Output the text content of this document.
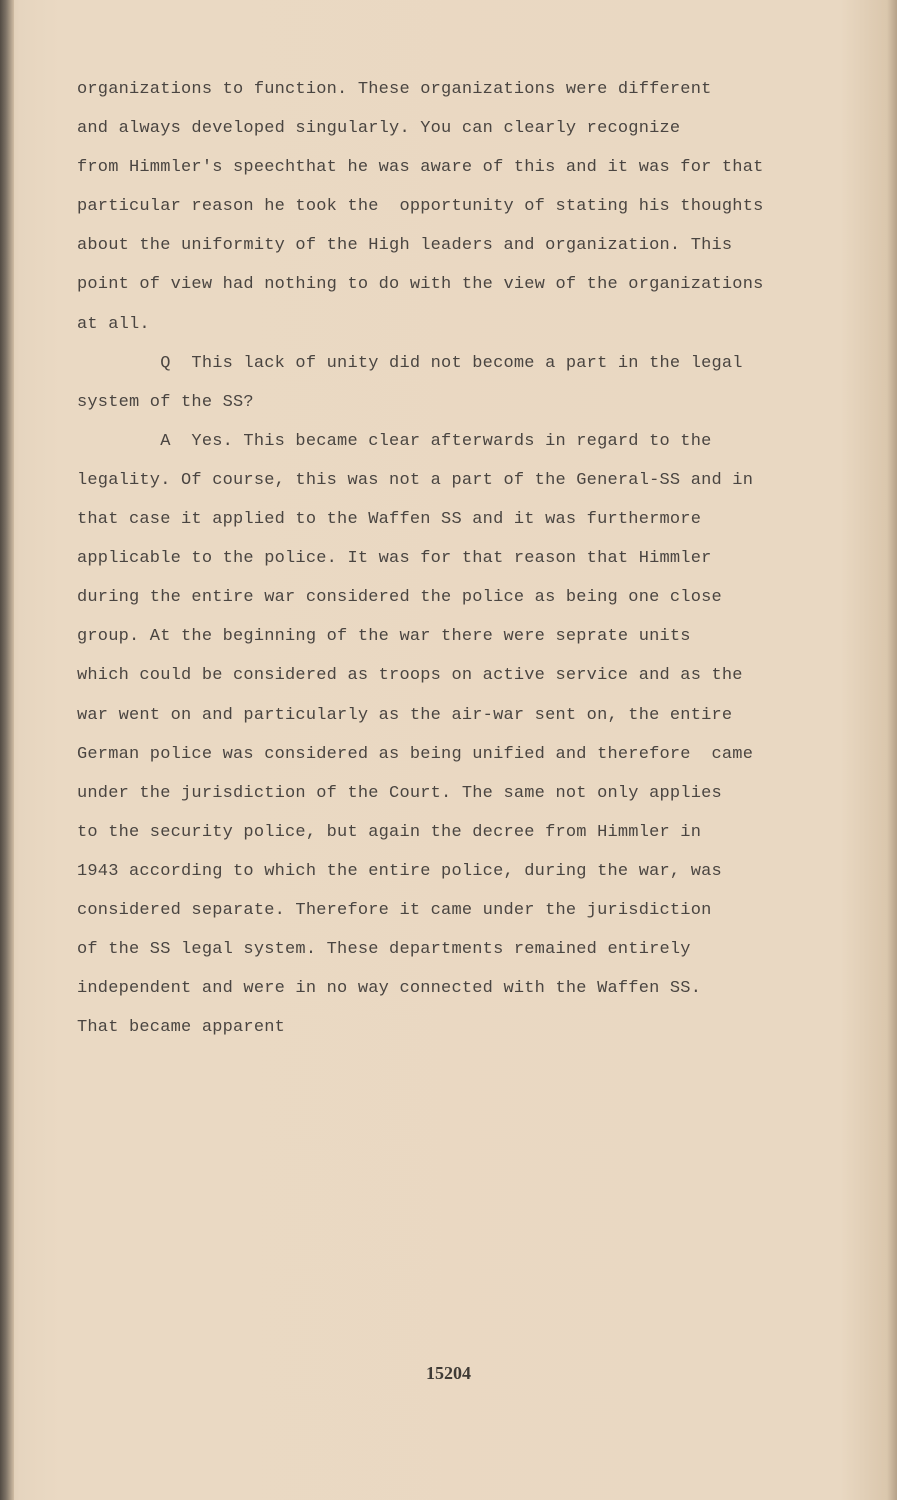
organizations to function. These organizations were different
and always developed singularly. You can clearly recognize
from Himmler's speechthat he was aware of this and it was for that
particular reason he took the  opportunity of stating his thoughts
about the uniformity of the High leaders and organization. This
point of view had nothing to do with the view of the organizations
at all.
Q  This lack of unity did not become a part in the legal
system of the SS?
A  Yes. This became clear afterwards in regard to the
legality. Of course, this was not a part of the General-SS and in
that case it applied to the Waffen SS and it was furthermore
applicable to the police. It was for that reason that Himmler
during the entire war considered the police as being one close
group. At the beginning of the war there were seprate units
which could be considered as troops on active service and as the
war went on and particularly as the air-war sent on, the entire
German police was considered as being unified and therefore  came
under the jurisdiction of the Court. The same not only applies
to the security police, but again the decree from Himmler in
1943 according to which the entire police, during the war, was
considered separate. Therefore it came under the jurisdiction
of the SS legal system. These departments remained entirely
independent and were in no way connected with the Waffen SS.
That became apparent
15204
